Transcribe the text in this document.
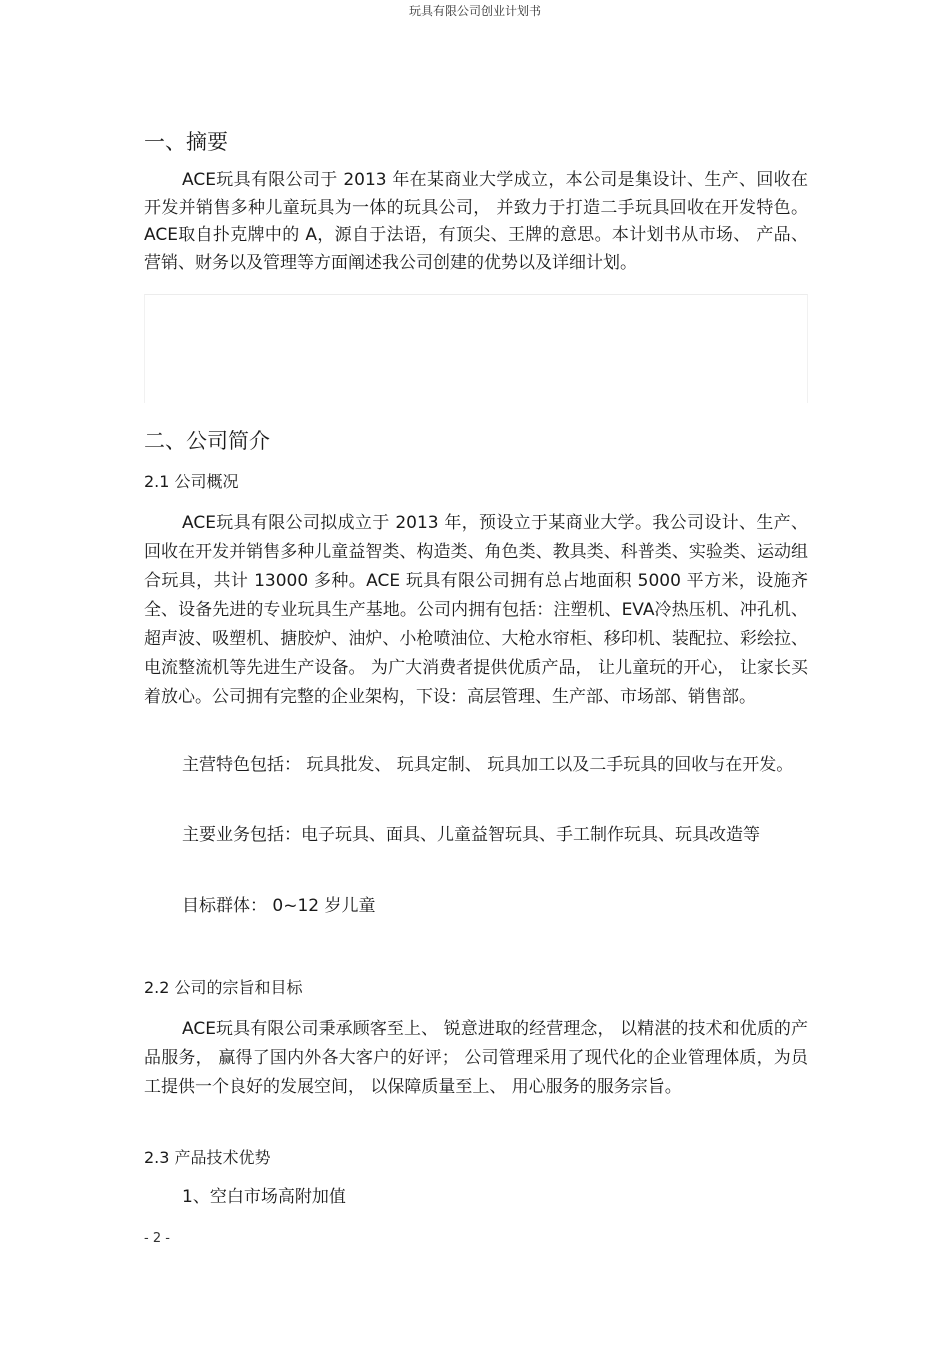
玩具有限公司创业计划书
一、摘要
ACE玩具有限公司于 2013 年在某商业大学成立，本公司是集设计、生产、回收在开发并销售多种儿童玩具为一体的玩具公司， 并致力于打造二手玩具回收在开发特色。ACE取自扑克牌中的 A，源自于法语，有顶尖、王牌的意思。本计划书从市场、 产品、营销、财务以及管理等方面阐述我公司创建的优势以及详细计划。
二、公司简介
2.1 公司概况
ACE玩具有限公司拟成立于 2013 年，预设立于某商业大学。我公司设计、生产、回收在开发并销售多种儿童益智类、构造类、角色类、教具类、科普类、实验类、运动组合玩具，共计 13000 多种。ACE 玩具有限公司拥有总占地面积 5000 平方米，设施齐全、设备先进的专业玩具生产基地。公司内拥有包括：注塑机、EVA冷热压机、冲孔机、超声波、吸塑机、搪胶炉、油炉、小枪喷油位、大枪水帘柜、移印机、装配拉、彩绘拉、电流整流机等先进生产设备。 为广大消费者提供优质产品， 让儿童玩的开心， 让家长买着放心。公司拥有完整的企业架构，下设：高层管理、生产部、市场部、销售部。
主营特色包括： 玩具批发、 玩具定制、 玩具加工以及二手玩具的回收与在开发。
主要业务包括：电子玩具、面具、儿童益智玩具、手工制作玩具、玩具改造等
目标群体： 0~12 岁儿童
2.2 公司的宗旨和目标
ACE玩具有限公司秉承顾客至上、 锐意进取的经营理念， 以精湛的技术和优质的产品服务， 赢得了国内外各大客户的好评； 公司管理采用了现代化的企业管理体质，为员工提供一个良好的发展空间， 以保障质量至上、 用心服务的服务宗旨。
2.3 产品技术优势
1、空白市场高附加值
- 2 -
